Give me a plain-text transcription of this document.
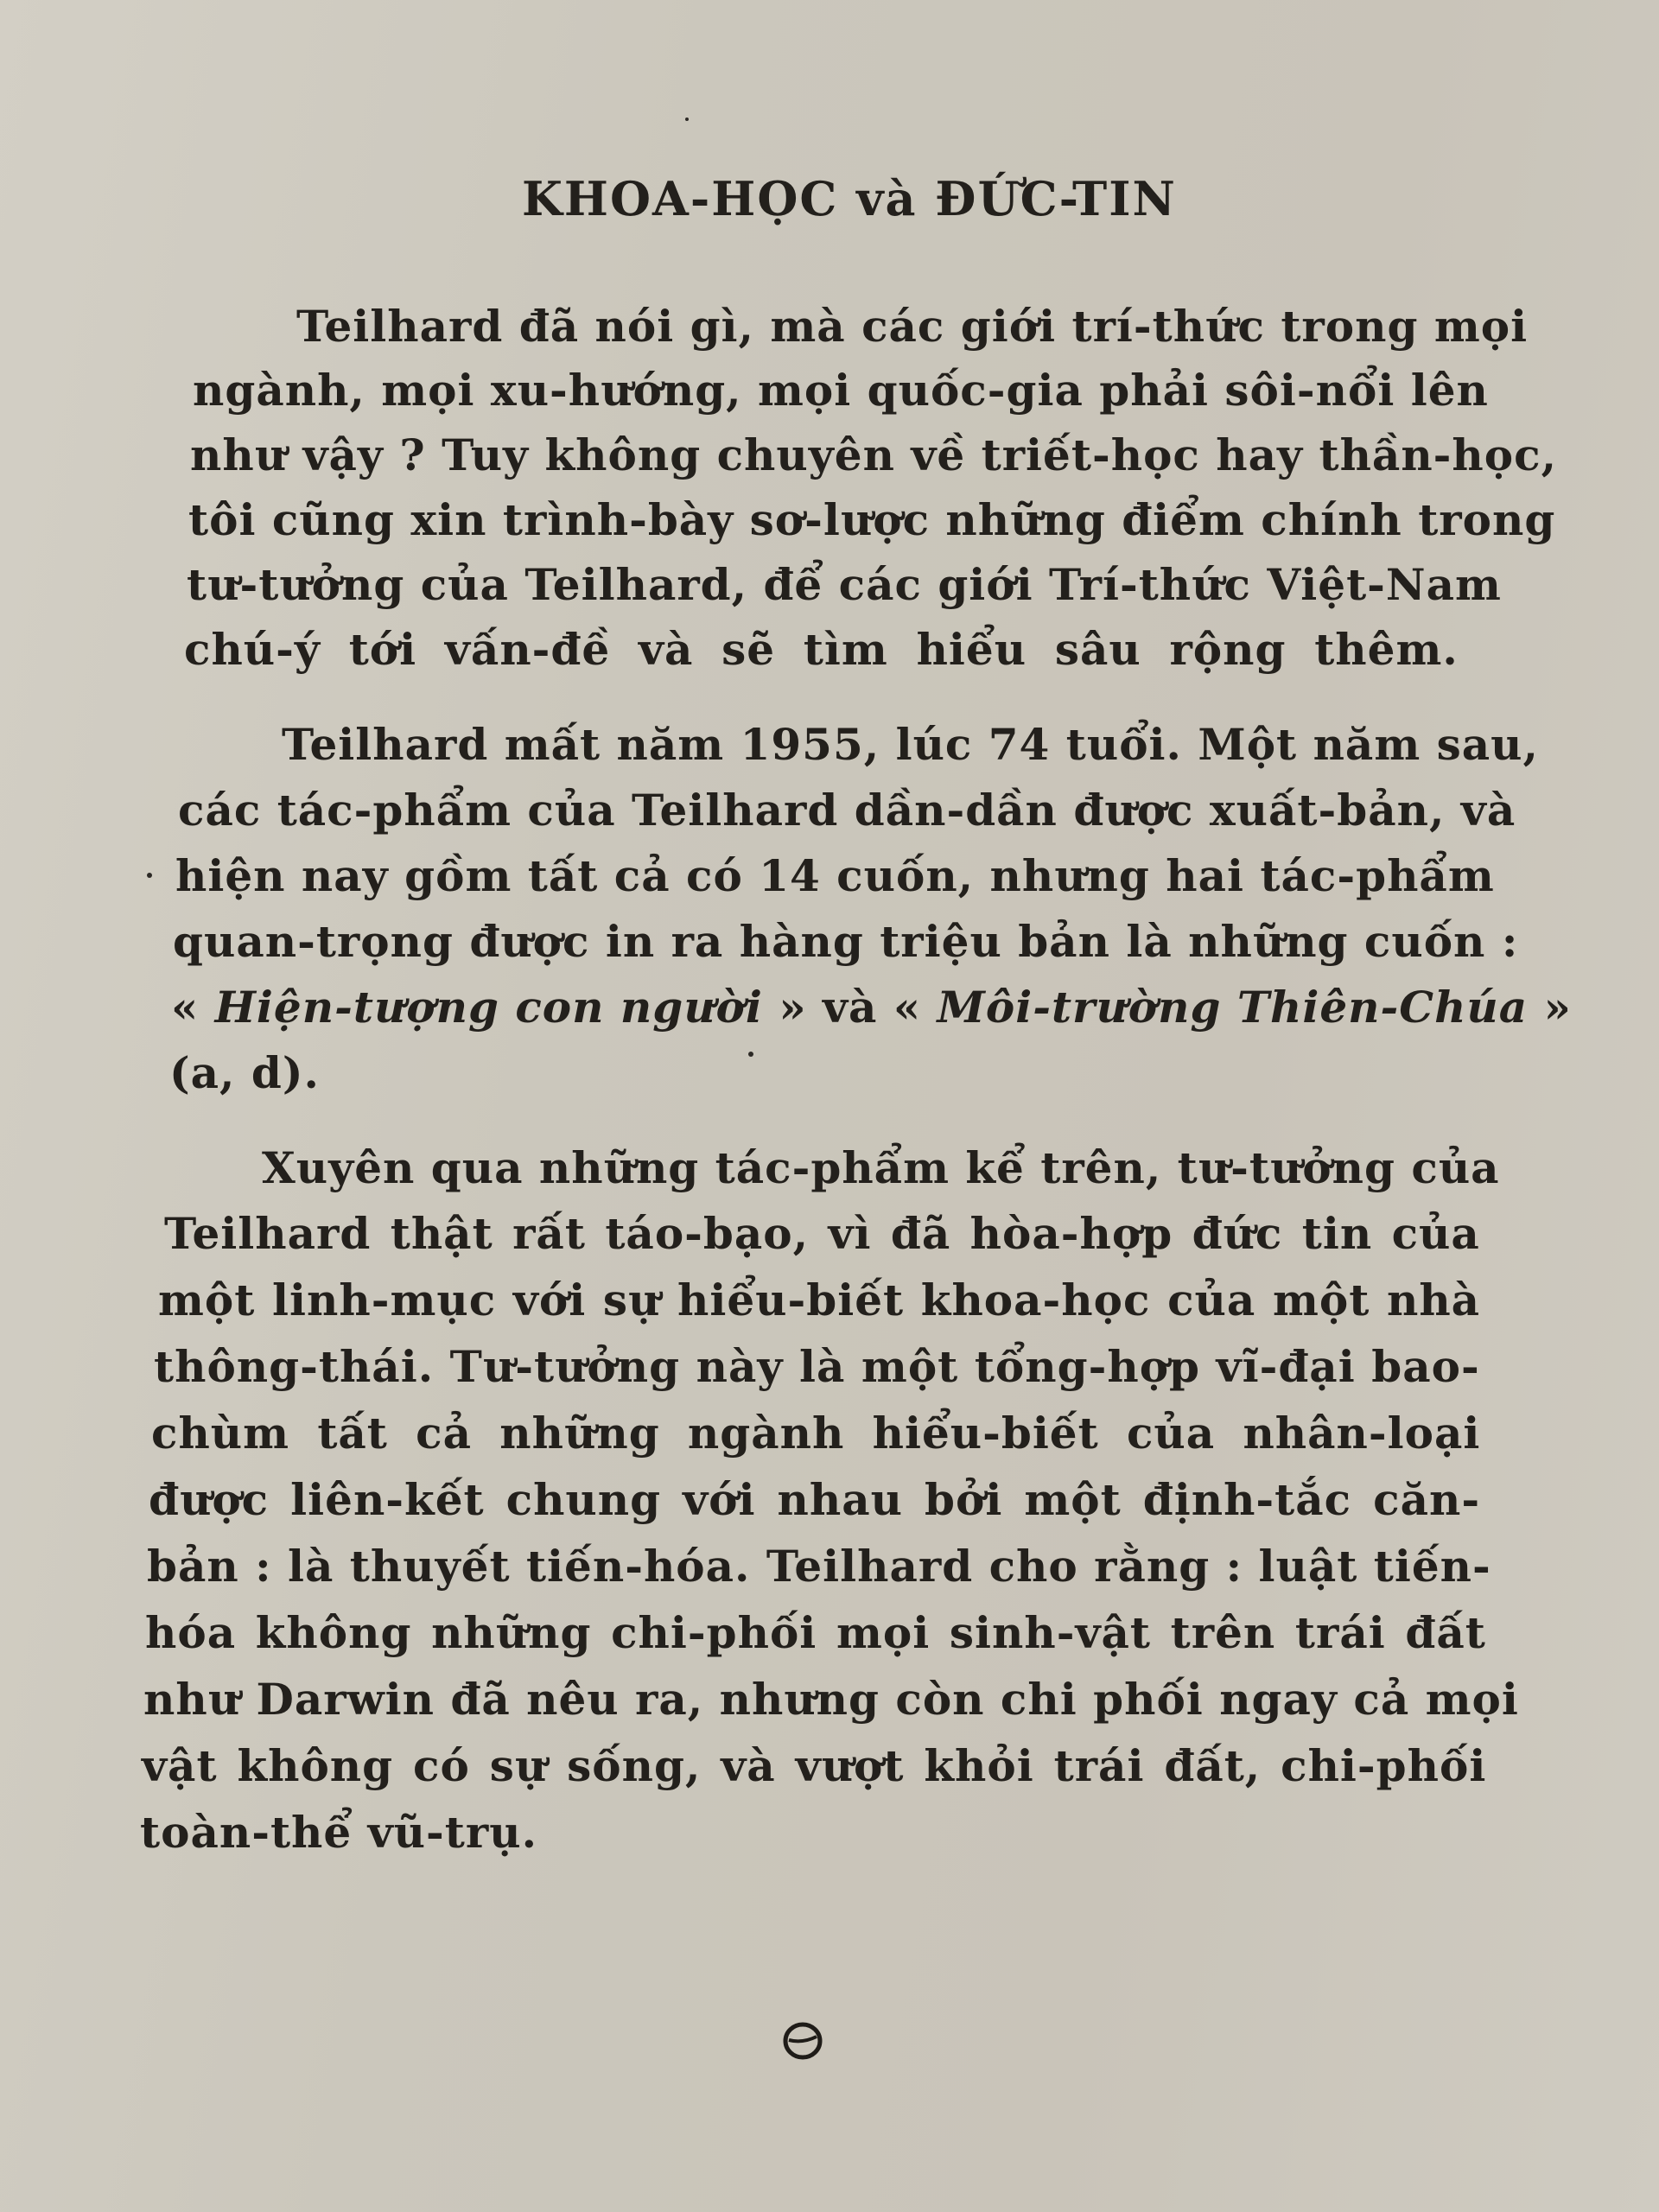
KHOA-HỌC và ĐỨC-TIN
Teilhard đã nói gì, mà các giới trí-thức trong mọi
ngành, mọi xu-hướng, mọi quốc-gia phải sôi-nổi lên
như vậy ? Tuy không chuyên về triết-học hay thần-học,
tôi cũng xin trình-bày sơ-lược những điểm chính trong
tư-tưởng của Teilhard, để các giới Trí-thức Việt-Nam
chú-ý tới vấn-đề và sẽ tìm hiểu sâu rộng thêm.
Teilhard mất năm 1955, lúc 74 tuổi. Một năm sau,
các tác-phẩm của Teilhard dần-dần được xuất-bản, và
hiện nay gồm tất cả có 14 cuốn, nhưng hai tác-phẩm
quan-trọng được in ra hàng triệu bản là những cuốn :
« Hiện-tượng con người » và « Môi-trường Thiên-Chúa »
(a, d).
Xuyên qua những tác-phẩm kể trên, tư-tưởng của
Teilhard thật rất táo-bạo, vì đã hòa-hợp đức tin của
một linh-mục với sự hiểu-biết khoa-học của một nhà
thông-thái. Tư-tưởng này là một tổng-hợp vĩ-đại bao-
chùm tất cả những ngành hiểu-biết của nhân-loại
được liên-kết chung với nhau bởi một định-tắc căn-
bản : là thuyết tiến-hóa. Teilhard cho rằng : luật tiến-
hóa không những chi-phối mọi sinh-vật trên trái đất
như Darwin đã nêu ra, nhưng còn chi phối ngay cả mọi
vật không có sự sống, và vượt khỏi trái đất, chi-phối
toàn-thể vũ-trụ.
